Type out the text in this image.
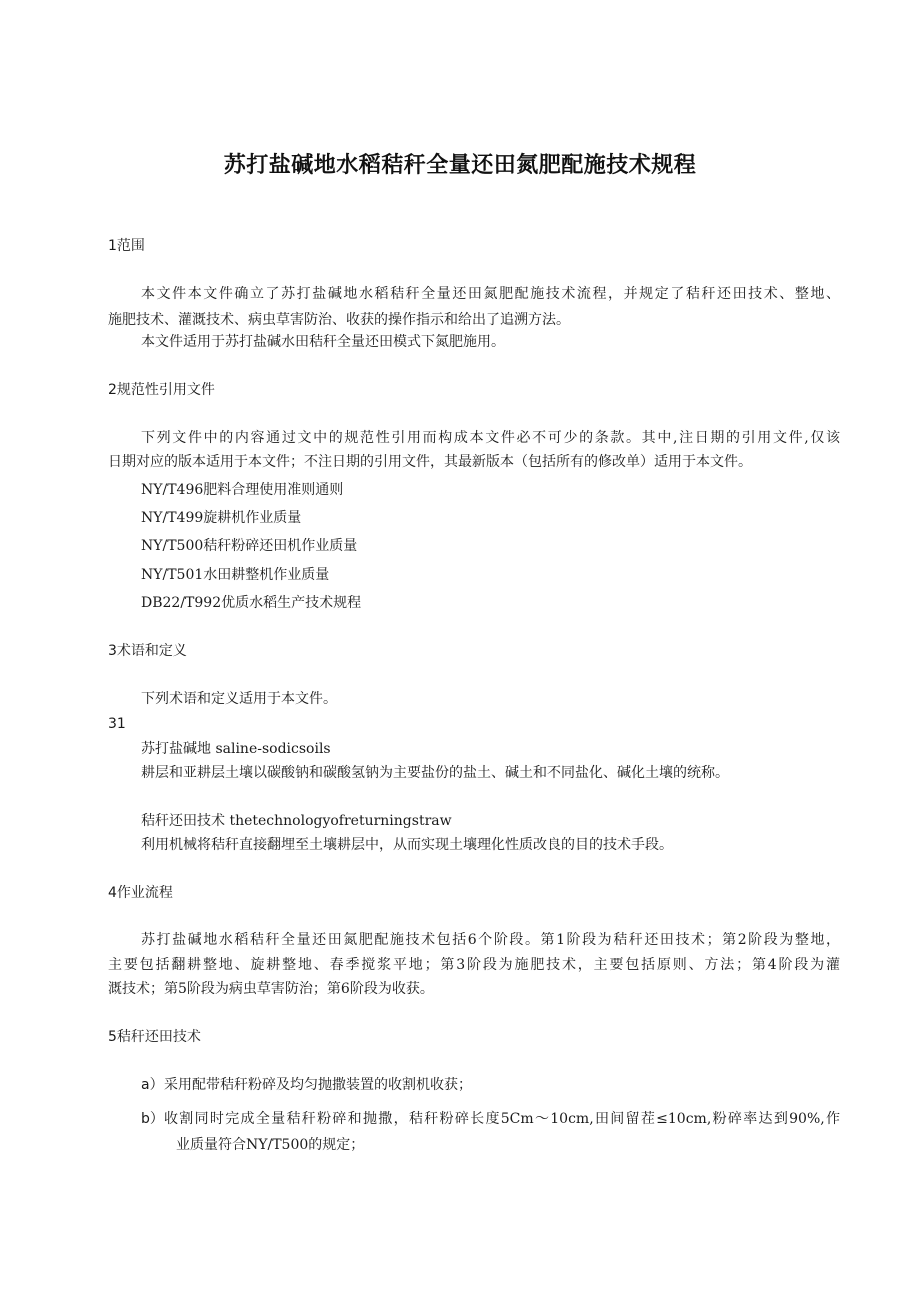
苏打盐碱地水稻秸秆全量还田氮肥配施技术规程
1范围
本文件本文件确立了苏打盐碱地水稻秸秆全量还田氮肥配施技术流程，并规定了秸秆还田技术、整地、
施肥技术、灌溉技术、病虫草害防治、收获的操作指示和给出了追溯方法。
本文件适用于苏打盐碱水田秸秆全量还田模式下氮肥施用。
2规范性引用文件
下列文件中的内容通过文中的规范性引用而构成本文件必不可少的条款。其中,注日期的引用文件,仅该
日期对应的版本适用于本文件；不注日期的引用文件，其最新版本（包括所有的修改单）适用于本文件。
NY/T496肥料合理使用准则通则
NY/T499旋耕机作业质量
NY/T500秸秆粉碎还田机作业质量
NY/T501水田耕整机作业质量
DB22/T992优质水稻生产技术规程
3术语和定义
下列术语和定义适用于本文件。
31
苏打盐碱地 saline-sodicsoils
耕层和亚耕层土壤以碳酸钠和碳酸氢钠为主要盐份的盐土、碱土和不同盐化、碱化土壤的统称。
秸秆还田技术 thetechnologyofreturningstraw
利用机械将秸秆直接翻埋至土壤耕层中，从而实现土壤理化性质改良的目的技术手段。
4作业流程
苏打盐碱地水稻秸秆全量还田氮肥配施技术包括6个阶段。第1阶段为秸秆还田技术；第2阶段为整地，
主要包括翻耕整地、旋耕整地、春季搅浆平地；第3阶段为施肥技术，主要包括原则、方法；第4阶段为灌
溉技术；第5阶段为病虫草害防治；第6阶段为收获。
5秸秆还田技术
a） 采用配带秸秆粉碎及均匀抛撒装置的收割机收获；
b） 收割同时完成全量秸秆粉碎和抛撒，秸秆粉碎长度5Cm～10cm,田间留茬≤10cm,粉碎率达到90%,作
业质量符合NY/T500的规定；
